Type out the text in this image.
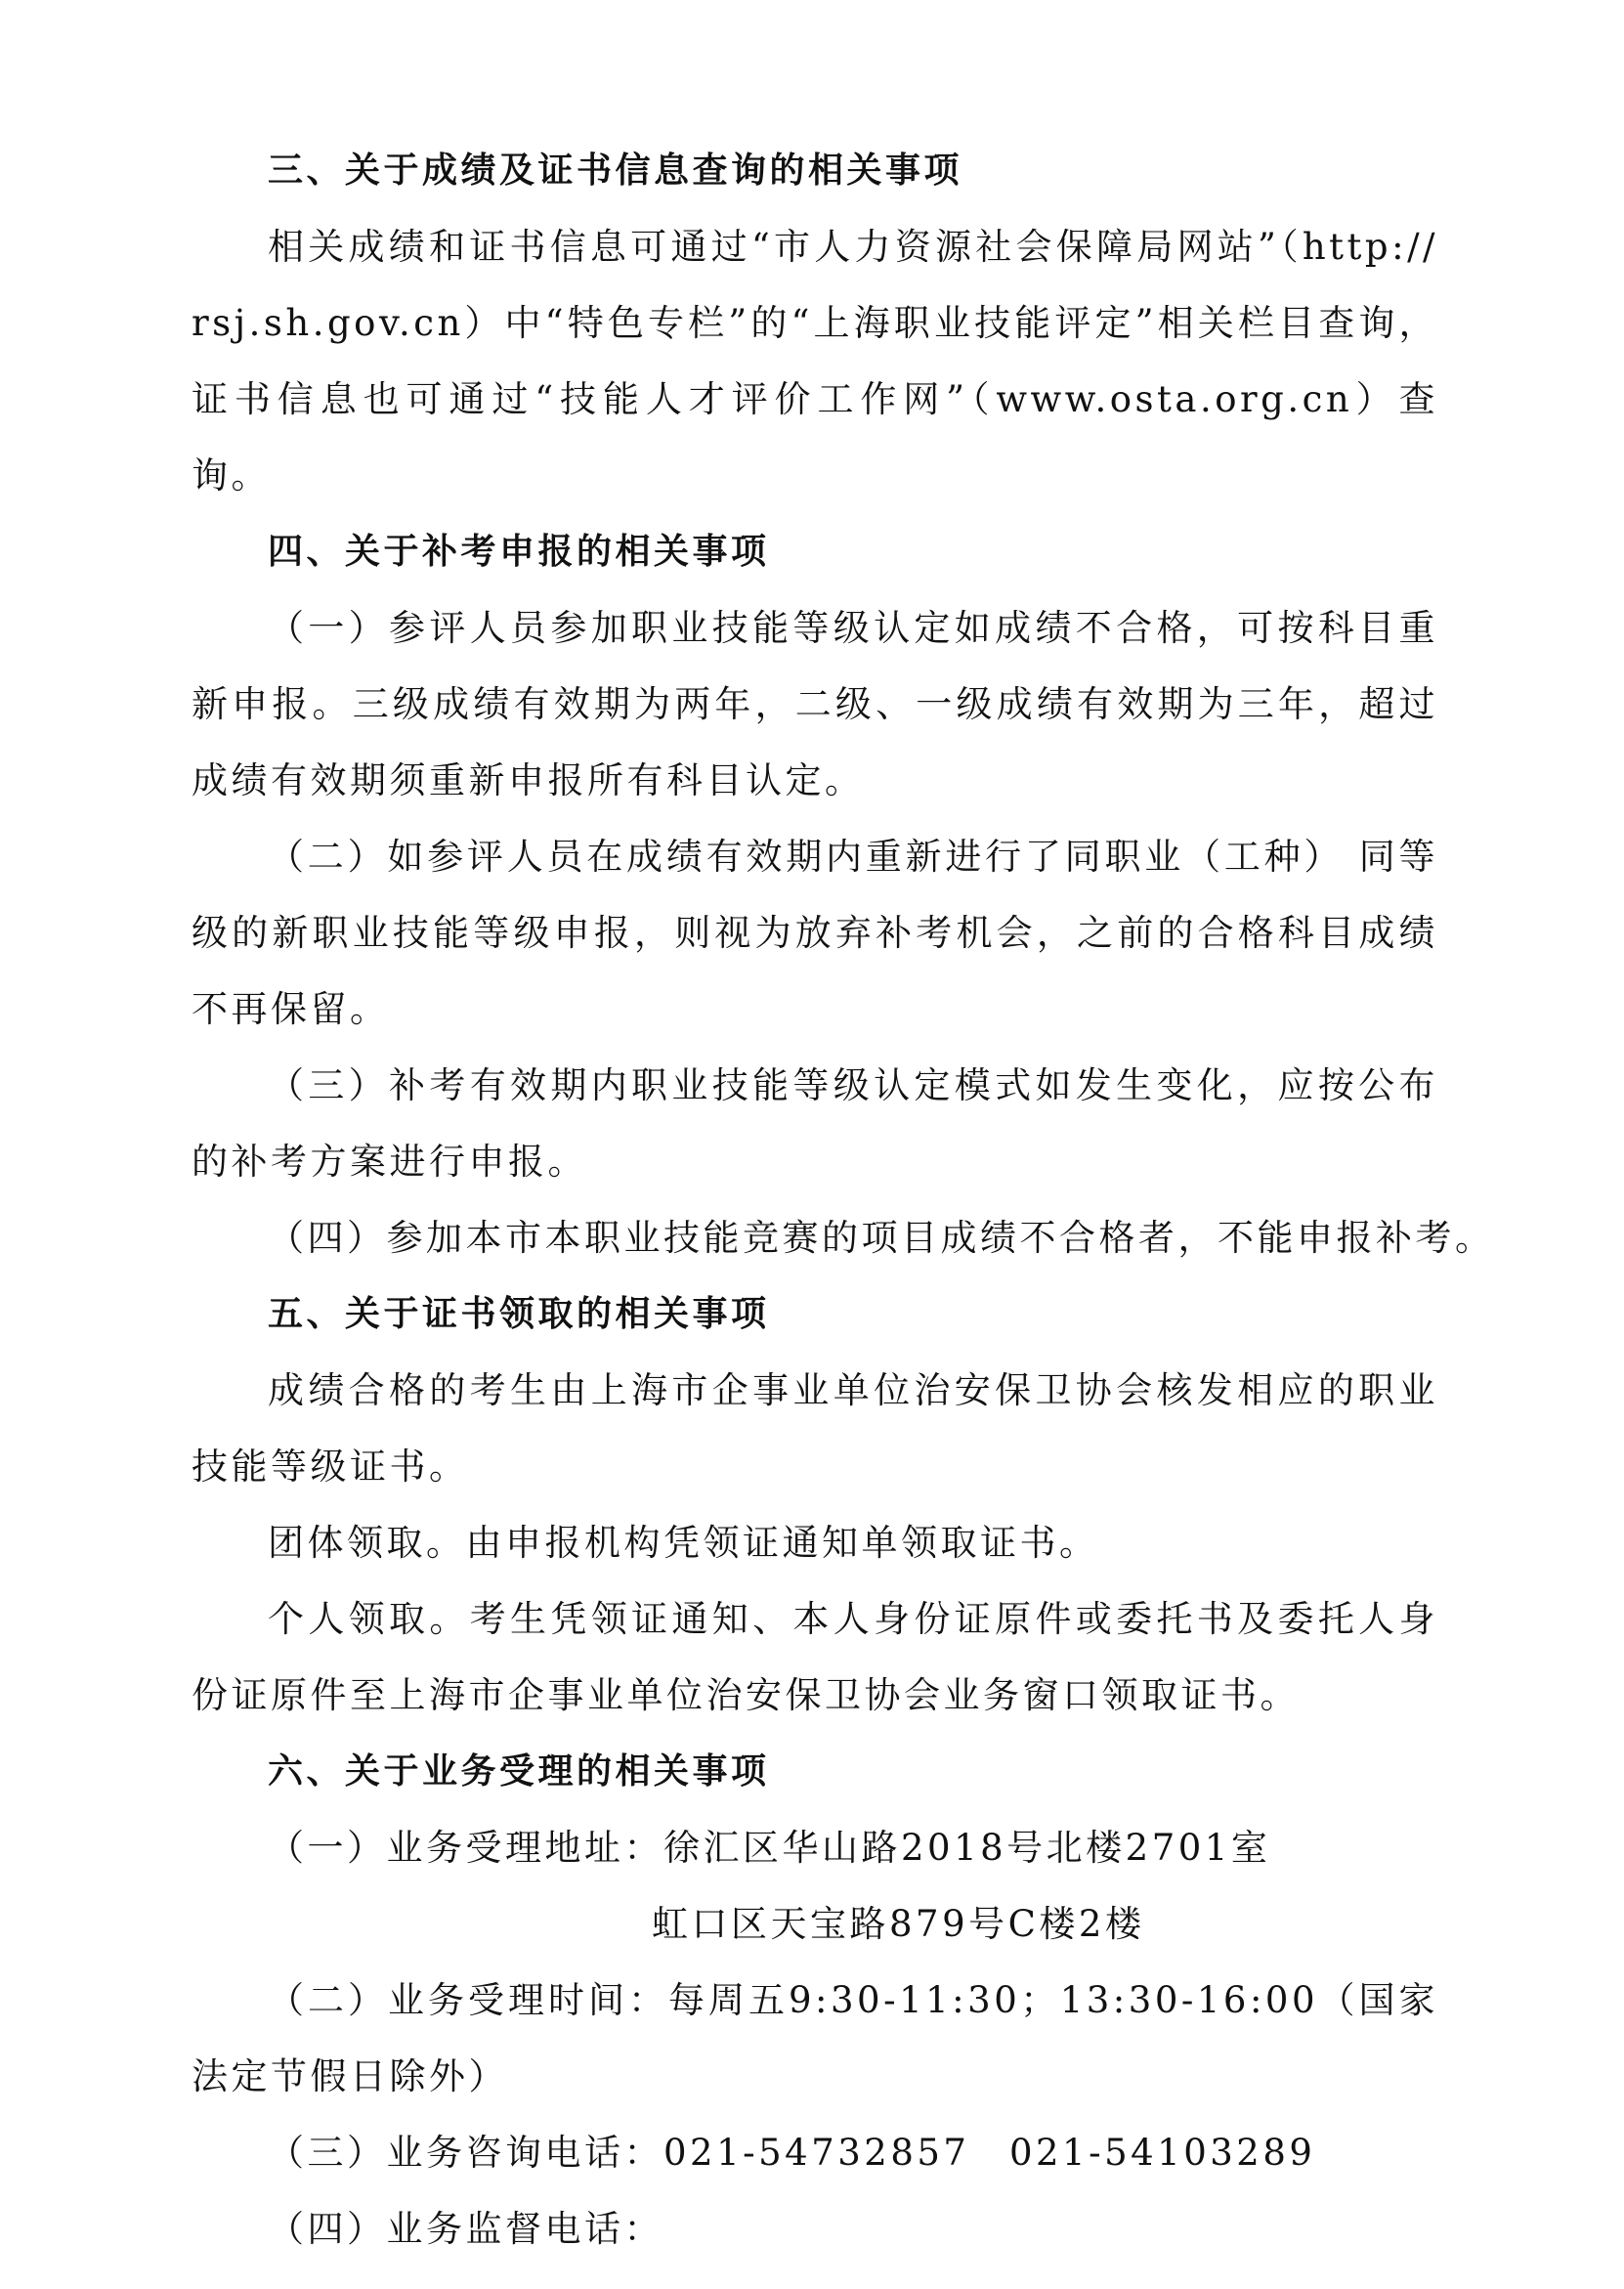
三、关于成绩及证书信息查询的相关事项

相关成绩和证书信息可通过“市人力资源社会保障局网站”（http://rsj.sh.gov.cn）中“特色专栏”的“上海职业技能评定”相关栏目查询，证书信息也可通过“技能人才评价工作网”（www.osta.org.cn）查询。

四、关于补考申报的相关事项

（一）参评人员参加职业技能等级认定如成绩不合格，可按科目重新申报。三级成绩有效期为两年，二级、一级成绩有效期为三年，超过成绩有效期须重新申报所有科目认定。

（二）如参评人员在成绩有效期内重新进行了同职业（工种） 同等级的新职业技能等级申报，则视为放弃补考机会，之前的合格科目成绩不再保留。

（三）补考有效期内职业技能等级认定模式如发生变化，应按公布的补考方案进行申报。

（四）参加本市本职业技能竞赛的项目成绩不合格者，不能申报补考。

五、关于证书领取的相关事项

成绩合格的考生由上海市企事业单位治安保卫协会核发相应的职业技能等级证书。

团体领取。由申报机构凭领证通知单领取证书。

个人领取。考生凭领证通知、本人身份证原件或委托书及委托人身份证原件至上海市企事业单位治安保卫协会业务窗口领取证书。

六、关于业务受理的相关事项

（一）业务受理地址：徐汇区华山路2018号北楼2701室

虹口区天宝路879号C楼2楼

（二）业务受理时间：每周五9:30-11:30；13:30-16:00（国家法定节假日除外）

（三）业务咨询电话：021-54732857　021-54103289

（四）业务监督电话：
